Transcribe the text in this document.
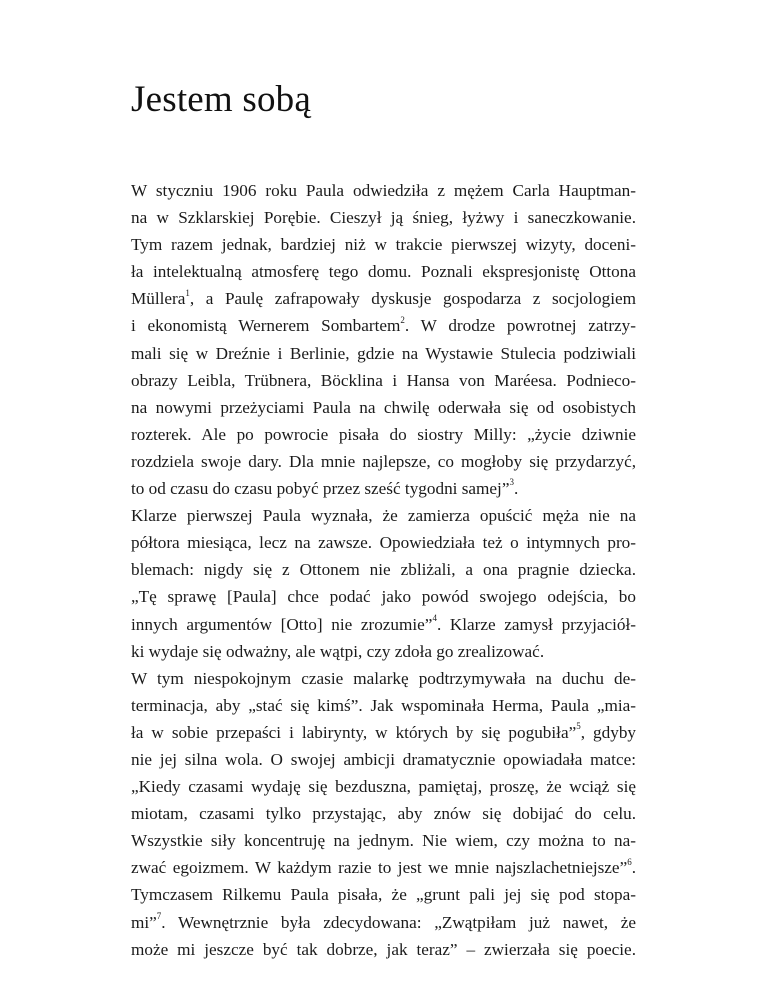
Jestem sobą
W styczniu 1906 roku Paula odwiedziła z mężem Carla Hauptman-
na w Szklarskiej Porębie. Cieszył ją śnieg, łyżwy i saneczkowanie.
Tym razem jednak, bardziej niż w trakcie pierwszej wizyty, doceni-
ła intelektualną atmosferę tego domu. Poznali ekspresjonistę Ottona
Müllera$^1$, a Paulę zafrapowały dyskusje gospodarza z socjologiem
i ekonomistą Wernerem Sombartem$^2$. W drodze powrotnej zatrzy-
mali się w Dreźnie i Berlinie, gdzie na Wystawie Stulecia podziwiali
obrazy Leibla, Trübnera, Böcklina i Hansa von Maréesa. Podnieco-
na nowymi przeżyciami Paula na chwilę oderwała się od osobistych
rozterek. Ale po powrocie pisała do siostry Milly: „życie dziwnie
rozdziela swoje dary. Dla mnie najlepsze, co mogłoby się przydarzyć,
to od czasu do czasu pobyć przez sześć tygodni samej”$^3$.
Klarze pierwszej Paula wyznała, że zamierza opuścić męża nie na
półtora miesiąca, lecz na zawsze. Opowiedziała też o intymnych pro-
blemach: nigdy się z Ottonem nie zbliżali, a ona pragnie dziecka.
„Tę sprawę [Paula] chce podać jako powód swojego odejścia, bo
innych argumentów [Otto] nie zrozumie”$^4$. Klarze zamysł przyjaciół-
ki wydaje się odważny, ale wątpi, czy zdoła go zrealizować.
W tym niespokojnym czasie malarkę podtrzymywała na duchu de-
terminacja, aby „stać się kimś”. Jak wspominała Herma, Paula „mia-
ła w sobie przepaści i labirynty, w których by się pogubiła”$^5$, gdyby
nie jej silna wola. O swojej ambicji dramatycznie opowiadała matce:
„Kiedy czasami wydaję się bezduszna, pamiętaj, proszę, że wciąż się
miotam, czasami tylko przystając, aby znów się dobijać do celu.
Wszystkie siły koncentruję na jednym. Nie wiem, czy można to na-
zwać egoizmem. W każdym razie to jest we mnie najszlachetniejsze”$^6$.
Tymczasem Rilkemu Paula pisała, że „grunt pali jej się pod stopa-
mi”$^7$. Wewnętrznie była zdecydowana: „Zwątpiłam już nawet, że
może mi jeszcze być tak dobrze, jak teraz” – zwierzała się poecie.
